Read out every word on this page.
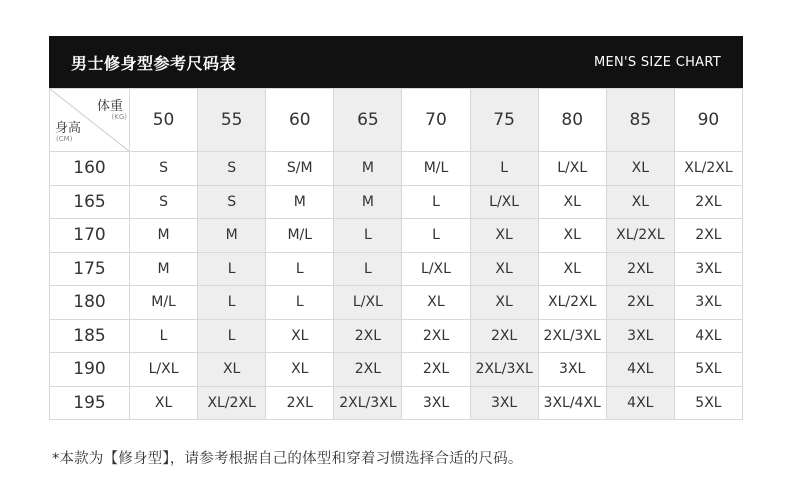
男士修身型参考尺码表	MEN'S SIZE CHART
体重
(KG)
身高
(CM)	50	55	60	65	70	75	80	85	90
160	S	S	S/M	M	M/L	L	L/XL	XL	XL/2XL
165	S	S	M	M	L	L/XL	XL	XL	2XL
170	M	M	M/L	L	L	XL	XL	XL/2XL	2XL
175	M	L	L	L	L/XL	XL	XL	2XL	3XL
180	M/L	L	L	L/XL	XL	XL	XL/2XL	2XL	3XL
185	L	L	XL	2XL	2XL	2XL	2XL/3XL	3XL	4XL
190	L/XL	XL	XL	2XL	2XL	2XL/3XL	3XL	4XL	5XL
195	XL	XL/2XL	2XL	2XL/3XL	3XL	3XL	3XL/4XL	4XL	5XL
*本款为【修身型】，请参考根据自己的体型和穿着习惯选择合适的尺码。
